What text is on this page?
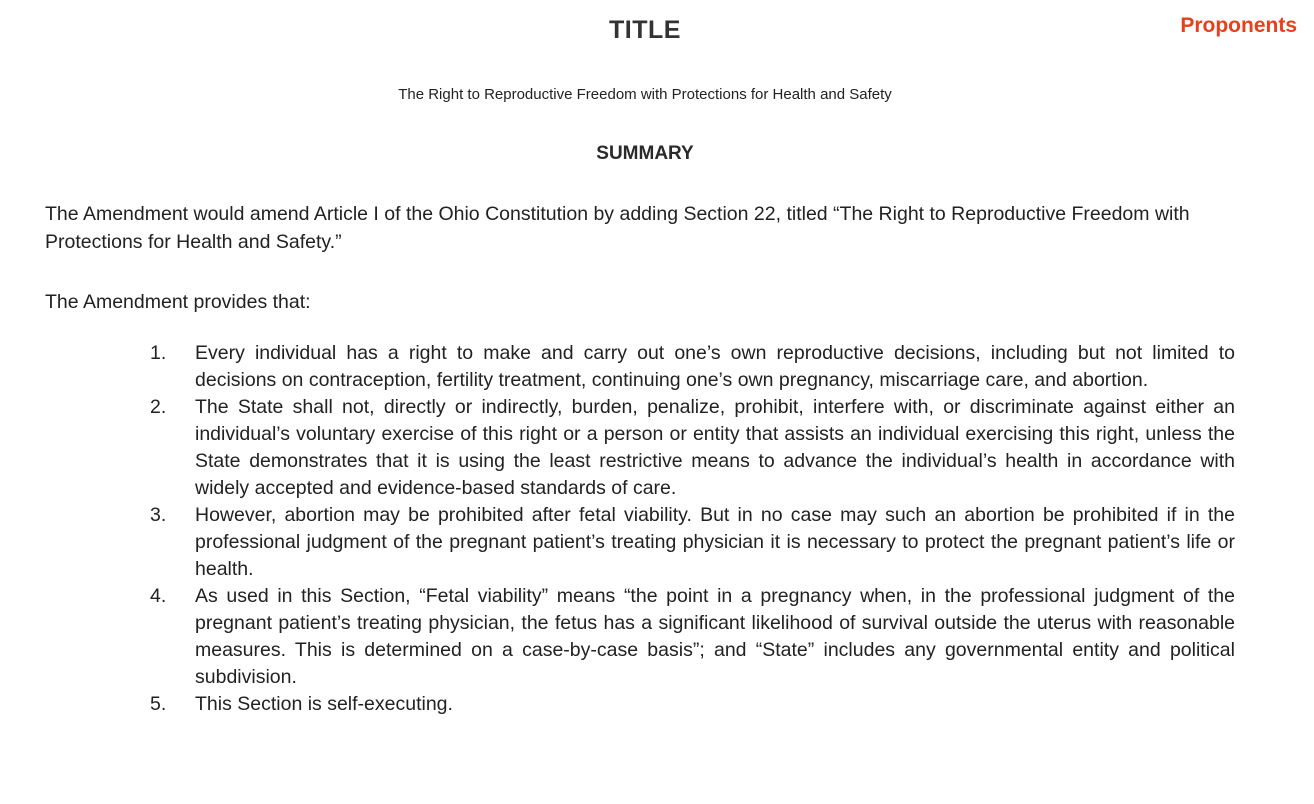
TITLE	Proponents
The Right to Reproductive Freedom with Protections for Health and Safety
SUMMARY
The Amendment would amend Article I of the Ohio Constitution by adding Section 22, titled “The Right to Reproductive Freedom with Protections for Health and Safety.”
The Amendment provides that:
1.	Every individual has a right to make and carry out one’s own reproductive decisions, including but not limited to decisions on contraception, fertility treatment, continuing one’s own pregnancy, miscarriage care, and abortion.
2.	The State shall not, directly or indirectly, burden, penalize, prohibit, interfere with, or discriminate against either an individual’s voluntary exercise of this right or a person or entity that assists an individual exercising this right, unless the State demonstrates that it is using the least restrictive means to advance the individual’s health in accordance with widely accepted and evidence-based standards of care.
3.	However, abortion may be prohibited after fetal viability. But in no case may such an abortion be prohibited if in the professional judgment of the pregnant patient’s treating physician it is necessary to protect the pregnant patient’s life or health.
4.	As used in this Section, “Fetal viability” means “the point in a pregnancy when, in the professional judgment of the pregnant patient’s treating physician, the fetus has a significant likelihood of survival outside the uterus with reasonable measures. This is determined on a case-by-case basis”; and “State” includes any governmental entity and political subdivision.
5.	This Section is self-executing.
